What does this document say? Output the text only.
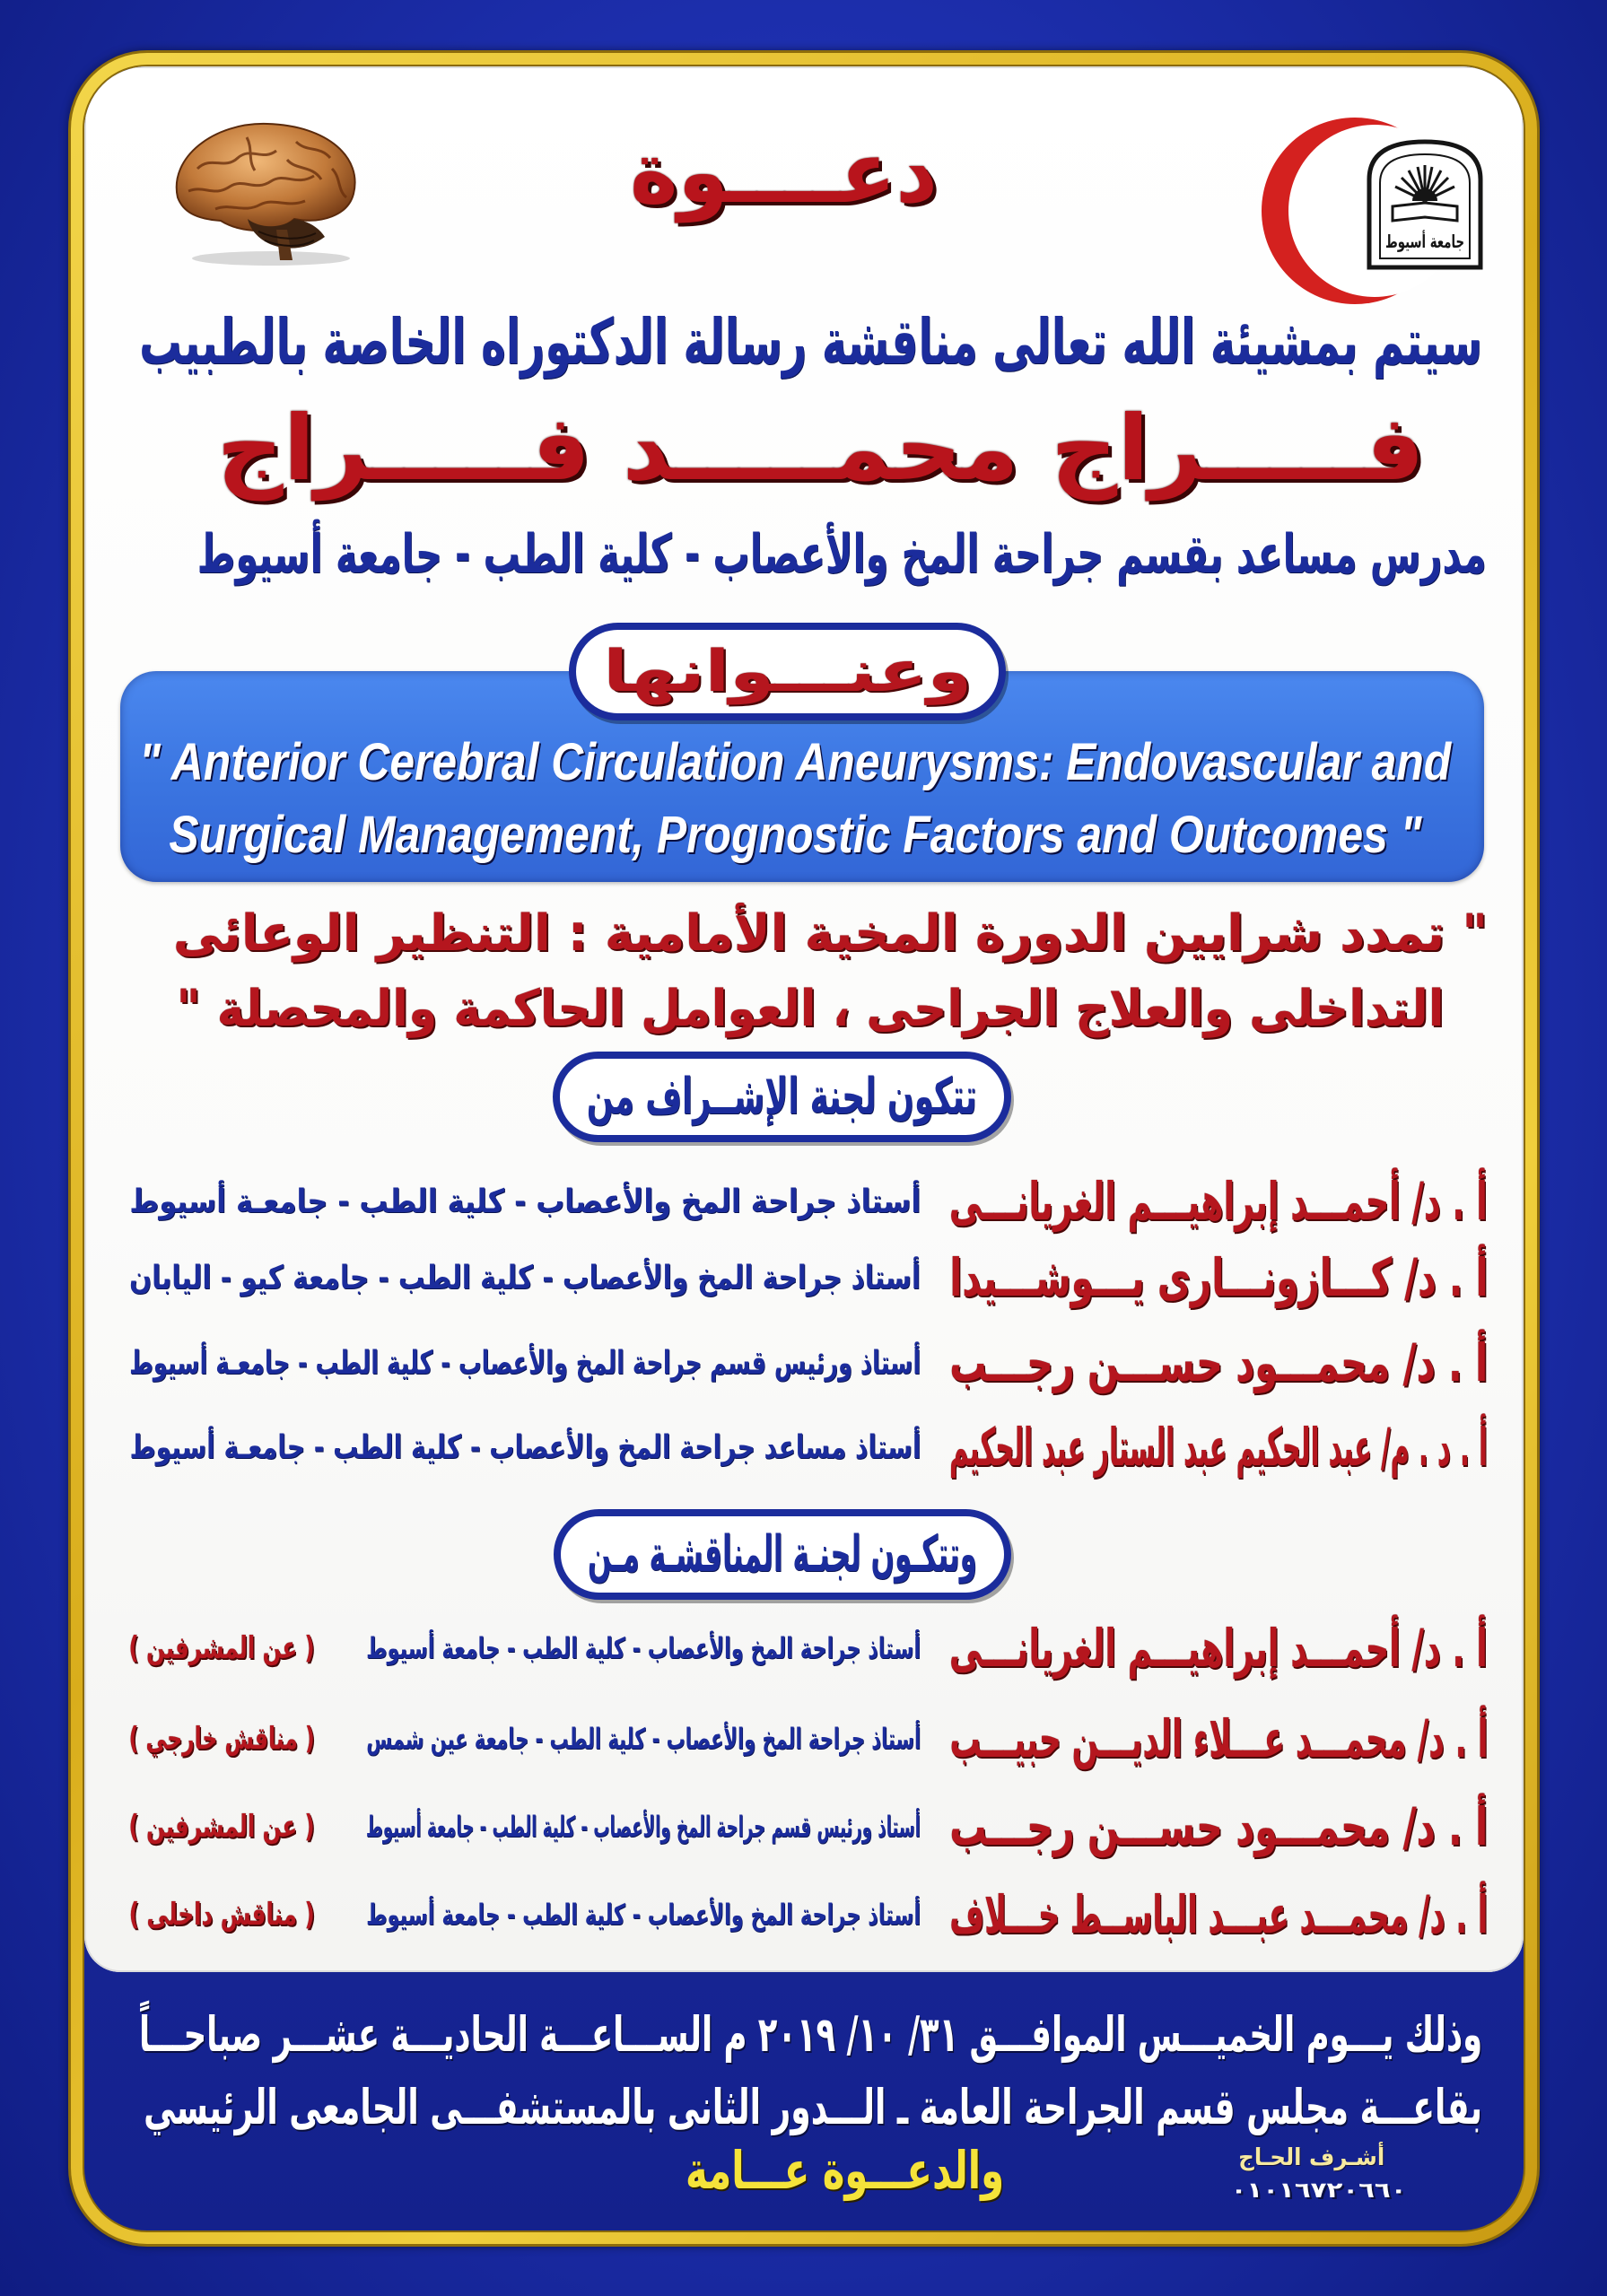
جامعة أسيوط
دعــــوة
سيتم بمشيئة الله تعالى مناقشة رسالة الدكتوراه الخاصة بالطبيب
فـــــراج محمـــــد فـــــراج
مدرس مساعد بقسم جراحة المخ والأعصاب - كلية الطب - جامعة أسيوط
" Anterior Cerebral Circulation Aneurysms: Endovascular and
Surgical Management, Prognostic Factors and Outcomes "
وعنـــوانها
" تمدد شرايين الدورة المخية الأمامية : التنظير الوعائى
التداخلى والعلاج الجراحى ، العوامل الحاكمة والمحصلة "
تتكون لجنة الإشــراف من
أ . د/ أحمـــد إبراهيـــم الغريانـــى
أستاذ جراحة المخ والأعصاب - كلية الطب - جامعـة أسيوط
أ . د/ كـــازونـــارى يـــوشـــيدا
أستاذ جراحة المخ والأعصاب - كلية الطب - جامعة كيو - اليابان
أ . د/ محمـــود حســـن رجـــب
أستاذ ورئيس قسم جراحة المخ والأعصاب - كلية الطب - جامعـة أسيوط
أ . د . م/ عبد الحكيم عبد الستار عبد الحكيم
أستاذ مساعد جراحة المخ والأعصاب - كلية الطب - جامعـة أسيوط
وتتكـون لجنـة المناقشـة مـن
أ . د/ أحمـــد إبراهيـــم الغريانـــى
أستاذ جراحة المخ والأعصاب - كلية الطب - جامعة أسيوط
( عن المشرفين )
أ . د/ محمـــد عـــلاء الديـــن حبيـــب
أستاذ جراحة المخ والأعصاب - كلية الطب - جامعة عين شمس
( مناقش خارجي )
أ . د/ محمـــود حســـن رجـــب
أستاذ ورئيس قسم جراحة المخ والأعصاب - كلية الطب - جامعة أسيوط
( عن المشرفين )
أ . د/ محمـــد عبـــد الباســط خـــلاف
أستاذ جراحة المخ والأعصاب - كلية الطب - جامعة أسيوط
( مناقش داخلى )
وذلك يـــوم الخميـــس الموافـــق ٣١/ ١٠/ ٢٠١٩ م الســـاعـــة الحاديـــة عشـــر صباحـــاً
بقاعـــة مجلس قسم الجراحة العامة ـ الـــدور الثانى بالمستشفـــى الجامعى الرئيسي
والدعـــوة عـــامة	أشـرف الحـاج
٠١٠١٦٧٢٠٦٦٠
